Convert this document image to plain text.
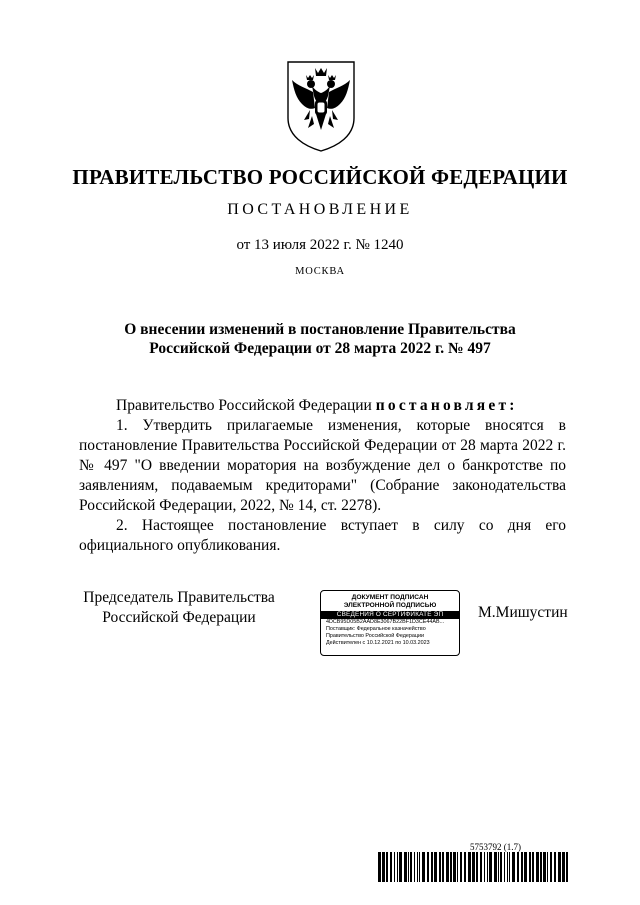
ПРАВИТЕЛЬСТВО РОССИЙСКОЙ ФЕДЕРАЦИИ
ПОСТАНОВЛЕНИЕ
от 13 июля 2022 г. № 1240
МОСКВА
О внесении изменений в постановление Правительства
Российской Федерации от 28 марта 2022 г. № 497

Правительство Российской Федерации постановляет:

1. Утвердить прилагаемые изменения, которые вносятся в постановление Правительства Российской Федерации от 28 марта 2022 г. № 497 "О введении моратория на возбуждение дел о банкротстве по заявлениям, подаваемым кредиторами" (Собрание законодательства Российской Федерации, 2022, № 14, ст. 2278).

2. Настоящее постановление вступает в силу со дня его официального опубликования.

Председатель Правительства
Российской Федерации
ДОКУМЕНТ ПОДПИСАН
ЭЛЕКТРОННОЙ ПОДПИСЬЮ
СВЕДЕНИЯ О СЕРТИФИКАТЕ ЭП
4DCB95D05B2AAD8E3067B22BF1D3CE44AB...
Поставщик: Федеральное казначейство
Правительство Российской Федерации
Действителен с 10.12.2021 по 10.03.2023
М.Мишустин
5753792 (1.7)
